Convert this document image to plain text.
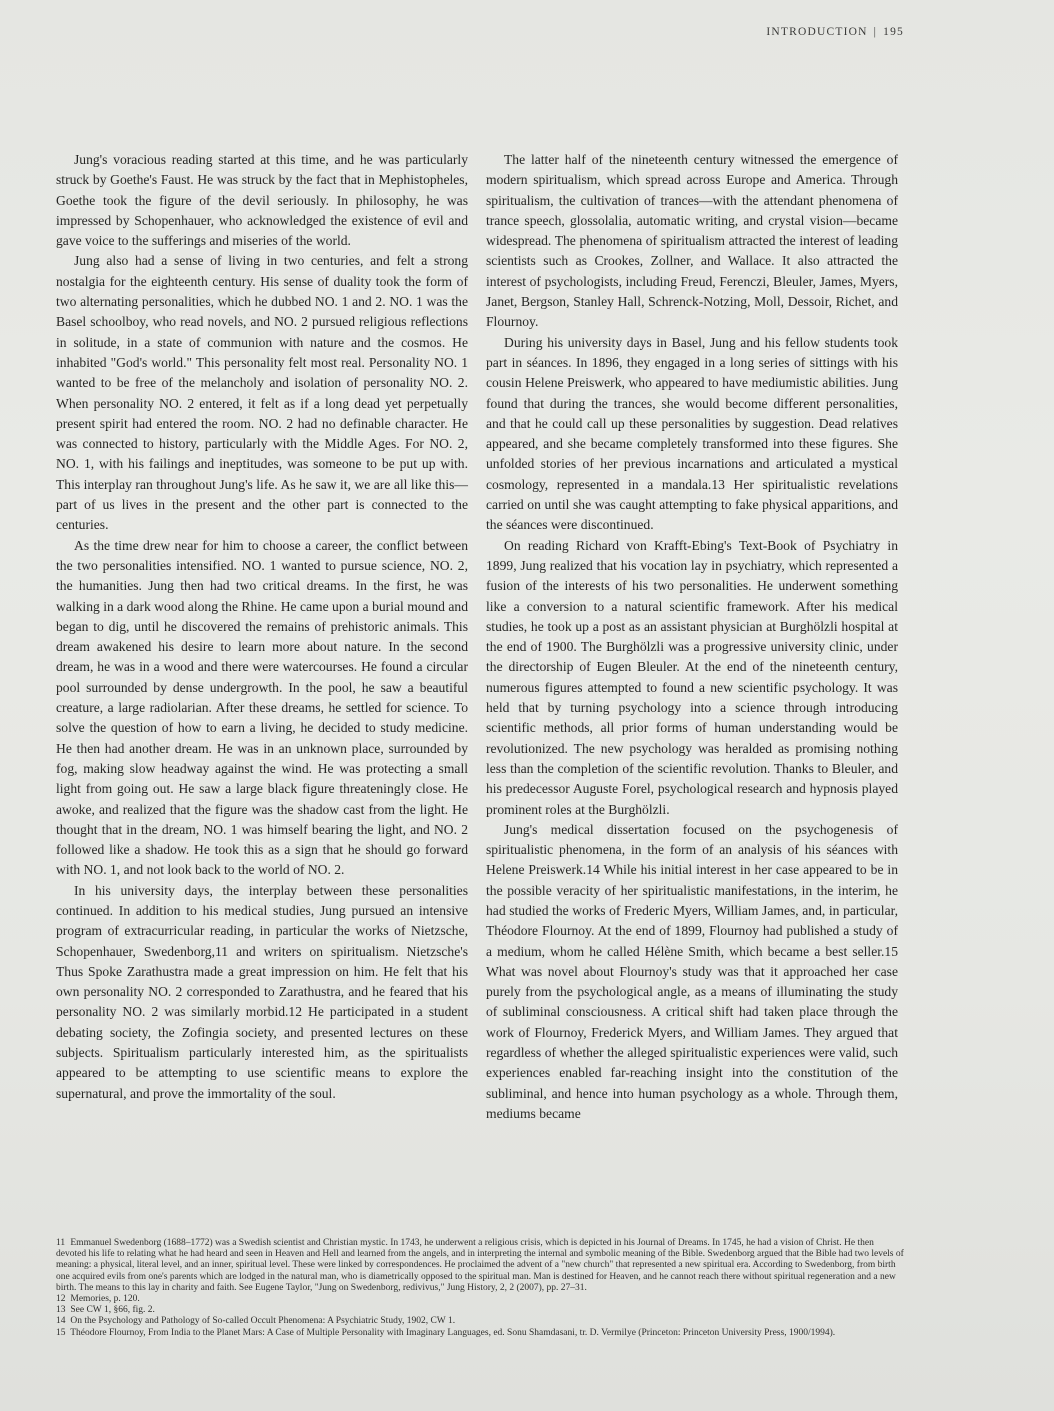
INTRODUCTION | 195

Jung's voracious reading started at this time, and he was particularly struck by Goethe's Faust. He was struck by the fact that in Mephistopheles, Goethe took the figure of the devil seriously. In philosophy, he was impressed by Schopenhauer, who acknowledged the existence of evil and gave voice to the sufferings and miseries of the world.

Jung also had a sense of living in two centuries, and felt a strong nostalgia for the eighteenth century. His sense of duality took the form of two alternating personalities, which he dubbed NO. 1 and 2. NO. 1 was the Basel schoolboy, who read novels, and NO. 2 pursued religious reflections in solitude, in a state of communion with nature and the cosmos. He inhabited "God's world." This personality felt most real. Personality NO. 1 wanted to be free of the melancholy and isolation of personality NO. 2. When personality NO. 2 entered, it felt as if a long dead yet perpetually present spirit had entered the room. NO. 2 had no definable character. He was connected to history, particularly with the Middle Ages. For NO. 2, NO. 1, with his failings and ineptitudes, was someone to be put up with. This interplay ran throughout Jung's life. As he saw it, we are all like this—part of us lives in the present and the other part is connected to the centuries.

As the time drew near for him to choose a career, the conflict between the two personalities intensified. NO. 1 wanted to pursue science, NO. 2, the humanities. Jung then had two critical dreams. In the first, he was walking in a dark wood along the Rhine. He came upon a burial mound and began to dig, until he discovered the remains of prehistoric animals. This dream awakened his desire to learn more about nature. In the second dream, he was in a wood and there were watercourses. He found a circular pool surrounded by dense undergrowth. In the pool, he saw a beautiful creature, a large radiolarian. After these dreams, he settled for science. To solve the question of how to earn a living, he decided to study medicine. He then had another dream. He was in an unknown place, surrounded by fog, making slow headway against the wind. He was protecting a small light from going out. He saw a large black figure threateningly close. He awoke, and realized that the figure was the shadow cast from the light. He thought that in the dream, NO. 1 was himself bearing the light, and NO. 2 followed like a shadow. He took this as a sign that he should go forward with NO. 1, and not look back to the world of NO. 2.

In his university days, the interplay between these personalities continued. In addition to his medical studies, Jung pursued an intensive program of extracurricular reading, in particular the works of Nietzsche, Schopenhauer, Swedenborg,11 and writers on spiritualism. Nietzsche's Thus Spoke Zarathustra made a great impression on him. He felt that his own personality NO. 2 corresponded to Zarathustra, and he feared that his personality NO. 2 was similarly morbid.12 He participated in a student debating society, the Zofingia society, and presented lectures on these subjects. Spiritualism particularly interested him, as the spiritualists appeared to be attempting to use scientific means to explore the supernatural, and prove the immortality of the soul.

The latter half of the nineteenth century witnessed the emergence of modern spiritualism, which spread across Europe and America. Through spiritualism, the cultivation of trances—with the attendant phenomena of trance speech, glossolalia, automatic writing, and crystal vision—became widespread. The phenomena of spiritualism attracted the interest of leading scientists such as Crookes, Zollner, and Wallace. It also attracted the interest of psychologists, including Freud, Ferenczi, Bleuler, James, Myers, Janet, Bergson, Stanley Hall, Schrenck-Notzing, Moll, Dessoir, Richet, and Flournoy.

During his university days in Basel, Jung and his fellow students took part in séances. In 1896, they engaged in a long series of sittings with his cousin Helene Preiswerk, who appeared to have mediumistic abilities. Jung found that during the trances, she would become different personalities, and that he could call up these personalities by suggestion. Dead relatives appeared, and she became completely transformed into these figures. She unfolded stories of her previous incarnations and articulated a mystical cosmology, represented in a mandala.13 Her spiritualistic revelations carried on until she was caught attempting to fake physical apparitions, and the séances were discontinued.

On reading Richard von Krafft-Ebing's Text-Book of Psychiatry in 1899, Jung realized that his vocation lay in psychiatry, which represented a fusion of the interests of his two personalities. He underwent something like a conversion to a natural scientific framework. After his medical studies, he took up a post as an assistant physician at Burghölzli hospital at the end of 1900. The Burghölzli was a progressive university clinic, under the directorship of Eugen Bleuler. At the end of the nineteenth century, numerous figures attempted to found a new scientific psychology. It was held that by turning psychology into a science through introducing scientific methods, all prior forms of human understanding would be revolutionized. The new psychology was heralded as promising nothing less than the completion of the scientific revolution. Thanks to Bleuler, and his predecessor Auguste Forel, psychological research and hypnosis played prominent roles at the Burghölzli.

Jung's medical dissertation focused on the psychogenesis of spiritualistic phenomena, in the form of an analysis of his séances with Helene Preiswerk.14 While his initial interest in her case appeared to be in the possible veracity of her spiritualistic manifestations, in the interim, he had studied the works of Frederic Myers, William James, and, in particular, Théodore Flournoy. At the end of 1899, Flournoy had published a study of a medium, whom he called Hélène Smith, which became a best seller.15 What was novel about Flournoy's study was that it approached her case purely from the psychological angle, as a means of illuminating the study of subliminal consciousness. A critical shift had taken place through the work of Flournoy, Frederick Myers, and William James. They argued that regardless of whether the alleged spiritualistic experiences were valid, such experiences enabled far-reaching insight into the constitution of the subliminal, and hence into human psychology as a whole. Through them, mediums became

11 Emmanuel Swedenborg (1688–1772) was a Swedish scientist and Christian mystic. In 1743, he underwent a religious crisis, which is depicted in his Journal of Dreams. In 1745, he had a vision of Christ. He then devoted his life to relating what he had heard and seen in Heaven and Hell and learned from the angels, and in interpreting the internal and symbolic meaning of the Bible. Swedenborg argued that the Bible had two levels of meaning: a physical, literal level, and an inner, spiritual level. These were linked by correspondences. He proclaimed the advent of a "new church" that represented a new spiritual era. According to Swedenborg, from birth one acquired evils from one's parents which are lodged in the natural man, who is diametrically opposed to the spiritual man. Man is destined for Heaven, and he cannot reach there without spiritual regeneration and a new birth. The means to this lay in charity and faith. See Eugene Taylor, "Jung on Swedenborg, redivivus," Jung History, 2, 2 (2007), pp. 27–31.
12 Memories, p. 120.
13 See CW 1, §66, fig. 2.
14 On the Psychology and Pathology of So-called Occult Phenomena: A Psychiatric Study, 1902, CW 1.
15 Théodore Flournoy, From India to the Planet Mars: A Case of Multiple Personality with Imaginary Languages, ed. Sonu Shamdasani, tr. D. Vermilye (Princeton: Princeton University Press, 1900/1994).
